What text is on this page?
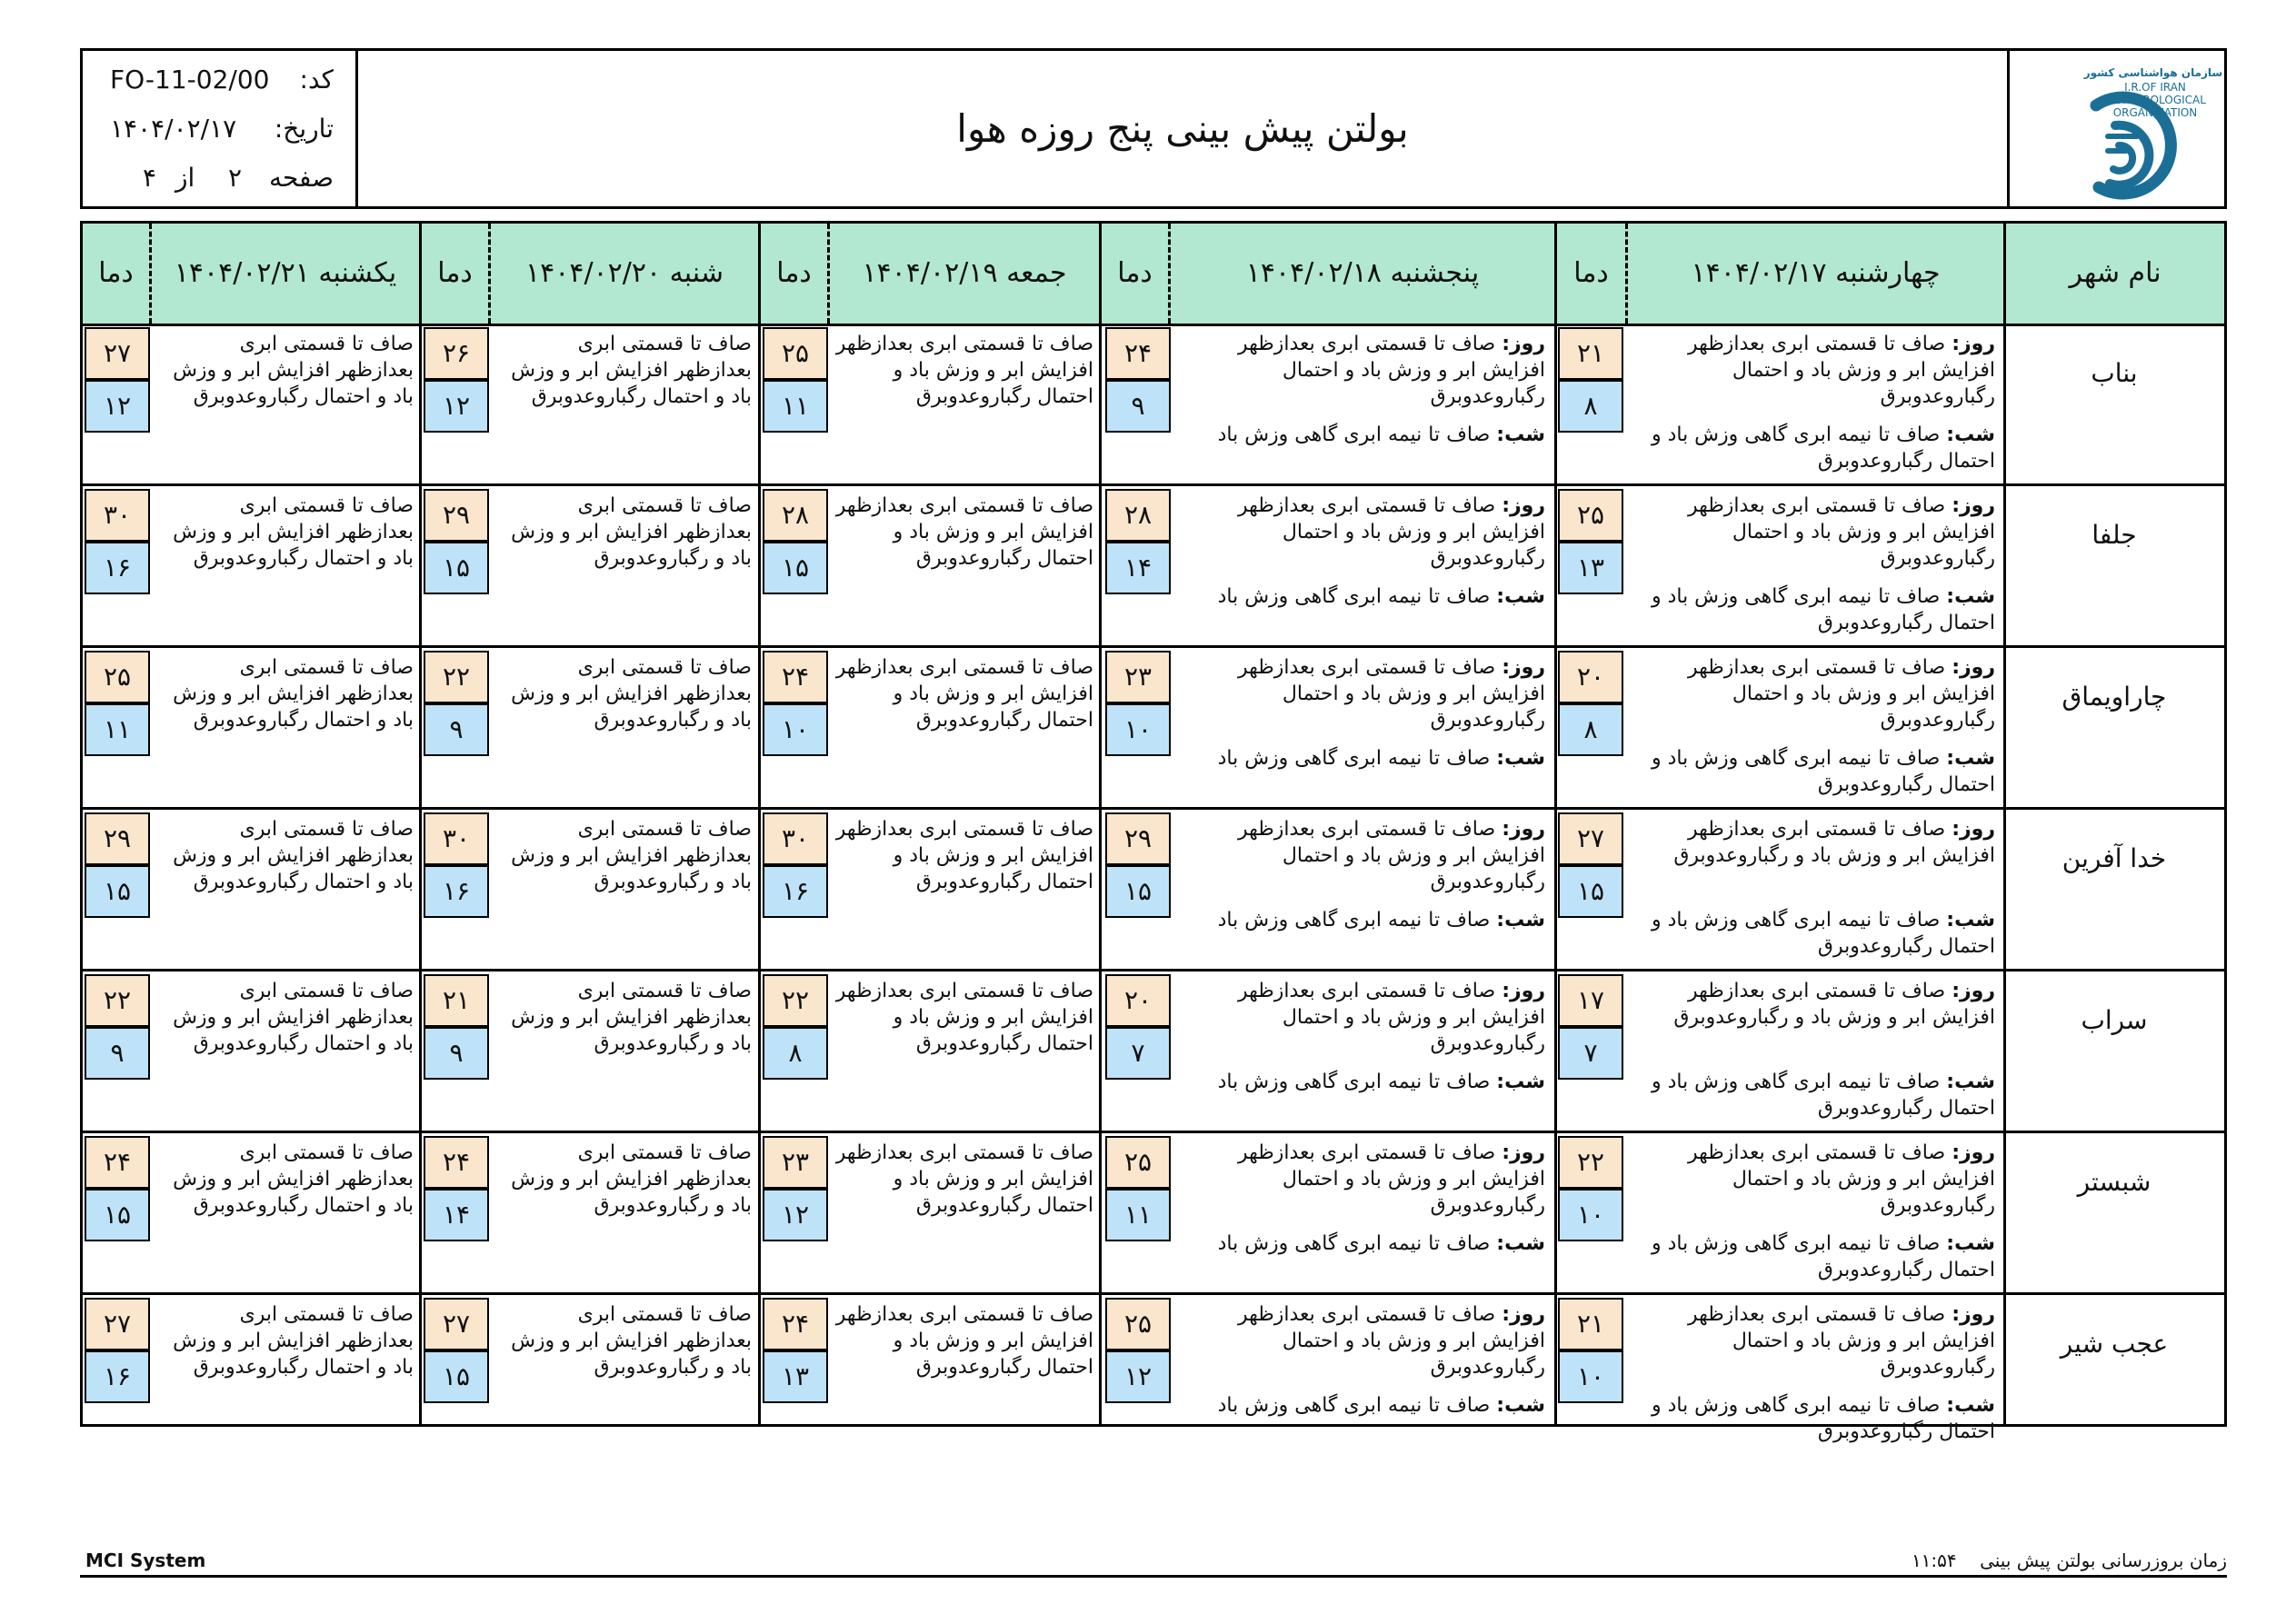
کد:
FO-11-02/00
تاریخ:
۱۴۰۴/۰۲/۱۷
صفحه
۲
از
۴
بولتن پیش بینی پنج روزه هوا
سازمان هواشناسی کشور
I.R.OF IRAN
METEOROLOGICAL
ORGANIZATION
نام شهر
چهارشنبه ۱۴۰۴/۰۲/۱۷
دما
پنجشنبه ۱۴۰۴/۰۲/۱۸
دما
جمعه ۱۴۰۴/۰۲/۱۹
دما
شنبه ۱۴۰۴/۰۲/۲۰
دما
یکشنبه ۱۴۰۴/۰۲/۲۱
دما
بناب
روز: صاف تا قسمتی ابری بعدازظهر افزایش ابر و وزش باد و احتمال رگباروعدوبرق
شب: صاف تا نیمه ابری گاهی وزش باد و احتمال رگباروعدوبرق
۲۱
۸
روز: صاف تا قسمتی ابری بعدازظهر افزایش ابر و وزش باد و احتمال رگباروعدوبرق
شب: صاف تا نیمه ابری گاهی وزش باد
۲۴
۹
صاف تا قسمتی ابری بعدازظهر افزایش ابر و وزش باد و احتمال رگباروعدوبرق
۲۵
۱۱
صاف تا قسمتی ابری بعدازظهر افزایش ابر و وزش باد و احتمال رگباروعدوبرق
۲۶
۱۲
صاف تا قسمتی ابری بعدازظهر افزایش ابر و وزش باد و احتمال رگباروعدوبرق
۲۷
۱۲
جلفا
روز: صاف تا قسمتی ابری بعدازظهر افزایش ابر و وزش باد و احتمال رگباروعدوبرق
شب: صاف تا نیمه ابری گاهی وزش باد و احتمال رگباروعدوبرق
۲۵
۱۳
روز: صاف تا قسمتی ابری بعدازظهر افزایش ابر و وزش باد و احتمال رگباروعدوبرق
شب: صاف تا نیمه ابری گاهی وزش باد
۲۸
۱۴
صاف تا قسمتی ابری بعدازظهر افزایش ابر و وزش باد و احتمال رگباروعدوبرق
۲۸
۱۵
صاف تا قسمتی ابری بعدازظهر افزایش ابر و وزش باد و رگباروعدوبرق
۲۹
۱۵
صاف تا قسمتی ابری بعدازظهر افزایش ابر و وزش باد و احتمال رگباروعدوبرق
۳۰
۱۶
چاراویماق
روز: صاف تا قسمتی ابری بعدازظهر افزایش ابر و وزش باد و احتمال رگباروعدوبرق
شب: صاف تا نیمه ابری گاهی وزش باد و احتمال رگباروعدوبرق
۲۰
۸
روز: صاف تا قسمتی ابری بعدازظهر افزایش ابر و وزش باد و احتمال رگباروعدوبرق
شب: صاف تا نیمه ابری گاهی وزش باد
۲۳
۱۰
صاف تا قسمتی ابری بعدازظهر افزایش ابر و وزش باد و احتمال رگباروعدوبرق
۲۴
۱۰
صاف تا قسمتی ابری بعدازظهر افزایش ابر و وزش باد و رگباروعدوبرق
۲۲
۹
صاف تا قسمتی ابری بعدازظهر افزایش ابر و وزش باد و احتمال رگباروعدوبرق
۲۵
۱۱
خدا آفرین
روز: صاف تا قسمتی ابری بعدازظهر افزایش ابر و وزش باد و رگباروعدوبرق
شب: صاف تا نیمه ابری گاهی وزش باد و احتمال رگباروعدوبرق
۲۷
۱۵
روز: صاف تا قسمتی ابری بعدازظهر افزایش ابر و وزش باد و احتمال رگباروعدوبرق
شب: صاف تا نیمه ابری گاهی وزش باد
۲۹
۱۵
صاف تا قسمتی ابری بعدازظهر افزایش ابر و وزش باد و احتمال رگباروعدوبرق
۳۰
۱۶
صاف تا قسمتی ابری بعدازظهر افزایش ابر و وزش باد و رگباروعدوبرق
۳۰
۱۶
صاف تا قسمتی ابری بعدازظهر افزایش ابر و وزش باد و احتمال رگباروعدوبرق
۲۹
۱۵
سراب
روز: صاف تا قسمتی ابری بعدازظهر افزایش ابر و وزش باد و رگباروعدوبرق
شب: صاف تا نیمه ابری گاهی وزش باد و احتمال رگباروعدوبرق
۱۷
۷
روز: صاف تا قسمتی ابری بعدازظهر افزایش ابر و وزش باد و احتمال رگباروعدوبرق
شب: صاف تا نیمه ابری گاهی وزش باد
۲۰
۷
صاف تا قسمتی ابری بعدازظهر افزایش ابر و وزش باد و احتمال رگباروعدوبرق
۲۲
۸
صاف تا قسمتی ابری بعدازظهر افزایش ابر و وزش باد و رگباروعدوبرق
۲۱
۹
صاف تا قسمتی ابری بعدازظهر افزایش ابر و وزش باد و احتمال رگباروعدوبرق
۲۲
۹
شبستر
روز: صاف تا قسمتی ابری بعدازظهر افزایش ابر و وزش باد و احتمال رگباروعدوبرق
شب: صاف تا نیمه ابری گاهی وزش باد و احتمال رگباروعدوبرق
۲۲
۱۰
روز: صاف تا قسمتی ابری بعدازظهر افزایش ابر و وزش باد و احتمال رگباروعدوبرق
شب: صاف تا نیمه ابری گاهی وزش باد
۲۵
۱۱
صاف تا قسمتی ابری بعدازظهر افزایش ابر و وزش باد و احتمال رگباروعدوبرق
۲۳
۱۲
صاف تا قسمتی ابری بعدازظهر افزایش ابر و وزش باد و رگباروعدوبرق
۲۴
۱۴
صاف تا قسمتی ابری بعدازظهر افزایش ابر و وزش باد و احتمال رگباروعدوبرق
۲۴
۱۵
عجب شیر
روز: صاف تا قسمتی ابری بعدازظهر افزایش ابر و وزش باد و احتمال رگباروعدوبرق
شب: صاف تا نیمه ابری گاهی وزش باد و احتمال رگباروعدوبرق
۲۱
۱۰
روز: صاف تا قسمتی ابری بعدازظهر افزایش ابر و وزش باد و احتمال رگباروعدوبرق
شب: صاف تا نیمه ابری گاهی وزش باد
۲۵
۱۲
صاف تا قسمتی ابری بعدازظهر افزایش ابر و وزش باد و احتمال رگباروعدوبرق
۲۴
۱۳
صاف تا قسمتی ابری بعدازظهر افزایش ابر و وزش باد و رگباروعدوبرق
۲۷
۱۵
صاف تا قسمتی ابری بعدازظهر افزایش ابر و وزش باد و احتمال رگباروعدوبرق
۲۷
۱۶
MCI System	زمان بروزرسانی بولتن پیش بینی    ۱۱:۵۴
